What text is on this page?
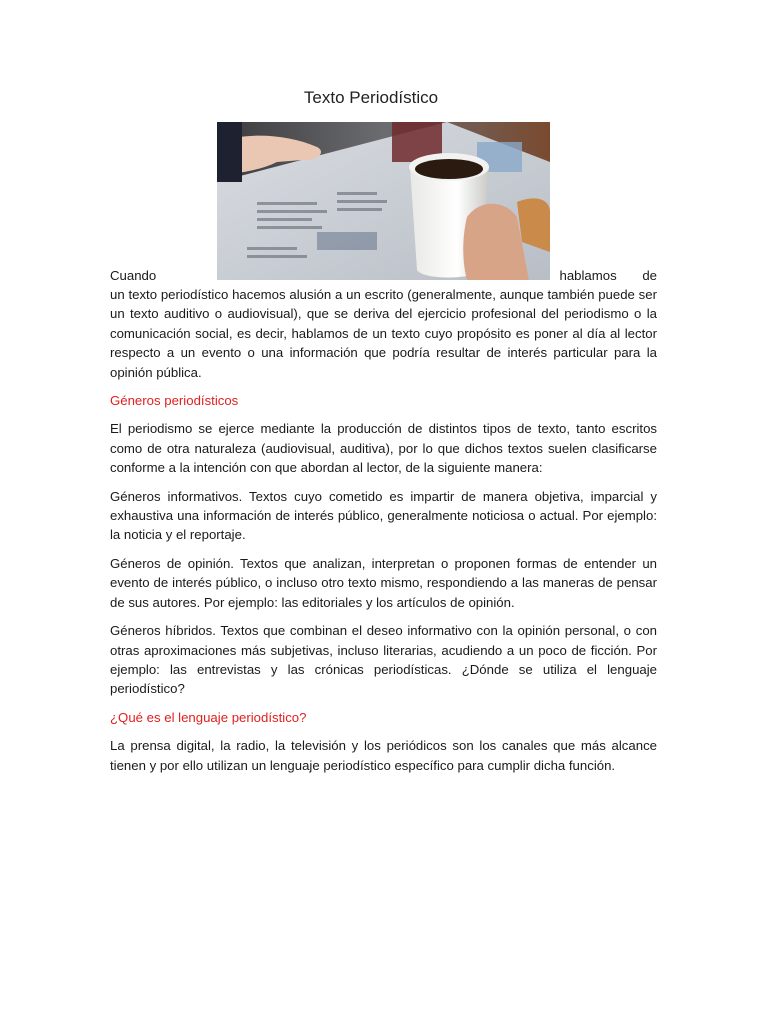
Texto Periodístico
Cuando	hablamos de

un texto periodístico hacemos alusión a un escrito (generalmente, aunque también puede ser un texto auditivo o audiovisual), que se deriva del ejercicio profesional del periodismo o la comunicación social, es decir, hablamos de un texto cuyo propósito es poner al día al lector respecto a un evento o una información que podría resultar de interés particular para la opinión pública.

Géneros periodísticos

El periodismo se ejerce mediante la producción de distintos tipos de texto, tanto escritos como de otra naturaleza (audiovisual, auditiva), por lo que dichos textos suelen clasificarse conforme a la intención con que abordan al lector, de la siguiente manera:

Géneros informativos. Textos cuyo cometido es impartir de manera objetiva, imparcial y exhaustiva una información de interés público, generalmente noticiosa o actual. Por ejemplo: la noticia y el reportaje.

Géneros de opinión. Textos que analizan, interpretan o proponen formas de entender un evento de interés público, o incluso otro texto mismo, respondiendo a las maneras de pensar de sus autores. Por ejemplo: las editoriales y los artículos de opinión.

Géneros híbridos. Textos que combinan el deseo informativo con la opinión personal, o con otras aproximaciones más subjetivas, incluso literarias, acudiendo a un poco de ficción. Por ejemplo: las entrevistas y las crónicas periodísticas. ¿Dónde se utiliza el lenguaje periodístico?

¿Qué es el lenguaje periodístico?

La prensa digital, la radio, la televisión y los periódicos son los canales que más alcance tienen y por ello utilizan un lenguaje periodístico específico para cumplir dicha función.
